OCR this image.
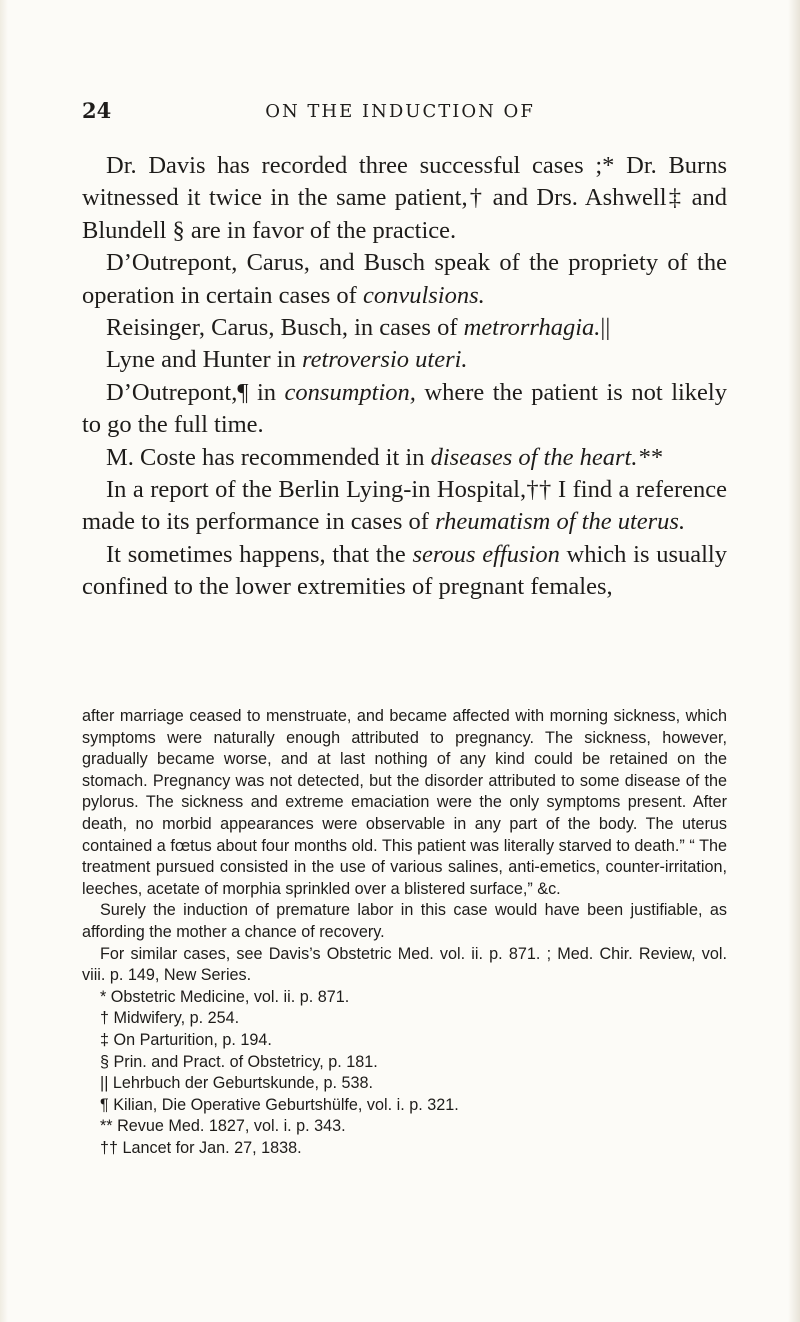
24	ON THE INDUCTION OF

Dr. Davis has recorded three successful cases ;* Dr. Burns witnessed it twice in the same patient,† and Drs. Ashwell‡ and Blundell § are in favor of the practice.

D’Outrepont, Carus, and Busch speak of the propriety of the operation in certain cases of convulsions.

Reisinger, Carus, Busch, in cases of metrorrhagia.||

Lyne and Hunter in retroversio uteri.

D’Outrepont,¶ in consumption, where the patient is not likely to go the full time.

M. Coste has recommended it in diseases of the heart.**

In a report of the Berlin Lying-in Hospital,†† I find a reference made to its performance in cases of rheumatism of the uterus.

It sometimes happens, that the serous effusion which is usually confined to the lower extremities of pregnant females,

after marriage ceased to menstruate, and became affected with morning sickness, which symptoms were naturally enough attributed to pregnancy. The sickness, however, gradually became worse, and at last nothing of any kind could be retained on the stomach. Pregnancy was not detected, but the disorder attributed to some disease of the pylorus. The sickness and extreme emaciation were the only symptoms present. After death, no morbid appearances were observable in any part of the body. The uterus contained a fœtus about four months old. This patient was literally starved to death.” “ The treatment pursued consisted in the use of various salines, anti-emetics, counter-irritation, leeches, acetate of morphia sprinkled over a blistered surface,” &c.

Surely the induction of premature labor in this case would have been justifiable, as affording the mother a chance of recovery.

For similar cases, see Davis’s Obstetric Med. vol. ii. p. 871. ; Med. Chir. Review, vol. viii. p. 149, New Series.

* Obstetric Medicine, vol. ii. p. 871.

† Midwifery, p. 254.

‡ On Parturition, p. 194.

§ Prin. and Pract. of Obstetricy, p. 181.

|| Lehrbuch der Geburtskunde, p. 538.

¶ Kilian, Die Operative Geburtshülfe, vol. i. p. 321.

** Revue Med. 1827, vol. i. p. 343.

†† Lancet for Jan. 27, 1838.
